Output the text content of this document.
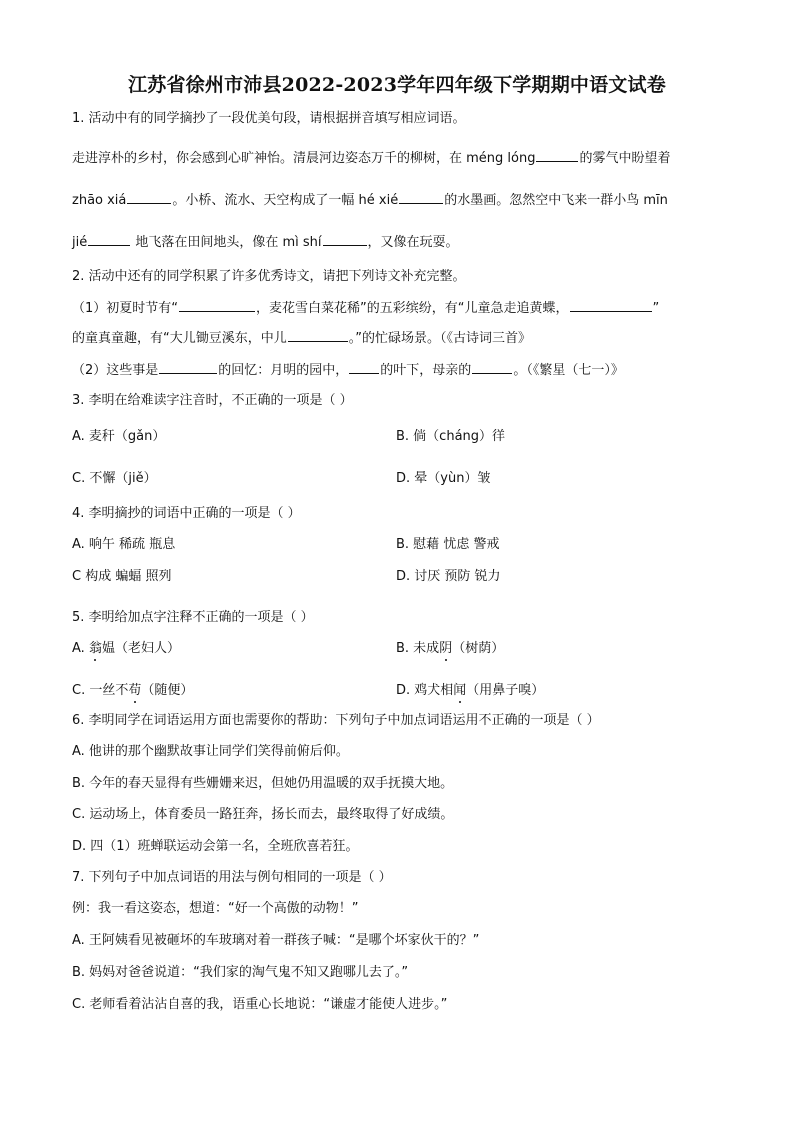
江苏省徐州市沛县2022-2023学年四年级下学期期中语文试卷
1. 活动中有的同学摘抄了一段优美句段，请根据拼音填写相应词语。
走进淳朴的乡村，你会感到心旷神怡。清晨河边姿态万千的柳树，在 méng lóng	的雾气中盼望着
zhāo xiá	。小桥、流水、天空构成了一幅 hé xié	的水墨画。忽然空中飞来一群小鸟 mīn
jié	地飞落在田间地头，像在 mì shí	，又像在玩耍。
2. 活动中还有的同学积累了许多优秀诗文，请把下列诗文补充完整。
（1）初夏时节有“	，麦花雪白菜花稀”的五彩缤纷，有“儿童急走追黄蝶，	”
的童真童趣，有“大儿锄豆溪东，中儿	。”的忙碌场景。（《古诗词三首》
（2）这些事是	的回忆：月明的园中， 的叶下，母亲的	。（《繁星（七一）》
3. 李明在给难读字注音时，不正确的一项是（ ）
A. 麦秆（gǎn）	B. 倘（cháng）徉
C. 不懈（jiě）	D. 晕（yùn）皱
4. 李明摘抄的词语中正确的一项是（ ）
A. 响午 稀疏 瓶息	B. 慰藉 忧虑 警戒
C 构成 蝙蝠 照列	D. 讨厌 预防 锐力
5. 李明给加点字注释不正确的一项是（ ）
A. 翁媪（老妇人）	B. 未成阴（树荫）
C. 一丝不苟（随便）	D. 鸡犬相闻（用鼻子嗅）
6. 李明同学在词语运用方面也需要你的帮助：下列句子中加点词语运用不正确的一项是（ ）
A. 他讲的那个幽默故事让同学们笑得前俯后仰。
B. 今年的春天显得有些姗姗来迟，但她仍用温暖的双手抚摸大地。
C. 运动场上，体育委员一路狂奔，扬长而去，最终取得了好成绩。
D. 四（1）班蝉联运动会第一名，全班欣喜若狂。
7. 下列句子中加点词语的用法与例句相同的一项是（ ）
例：我一看这姿态，想道：“好一个高傲的动物！”
A. 王阿姨看见被砸坏的车玻璃对着一群孩子喊：“是哪个坏家伙干的？”
B. 妈妈对爸爸说道：“我们家的淘气鬼不知又跑哪儿去了。”
C. 老师看着沾沾自喜的我，语重心长地说：“谦虚才能使人进步。”
